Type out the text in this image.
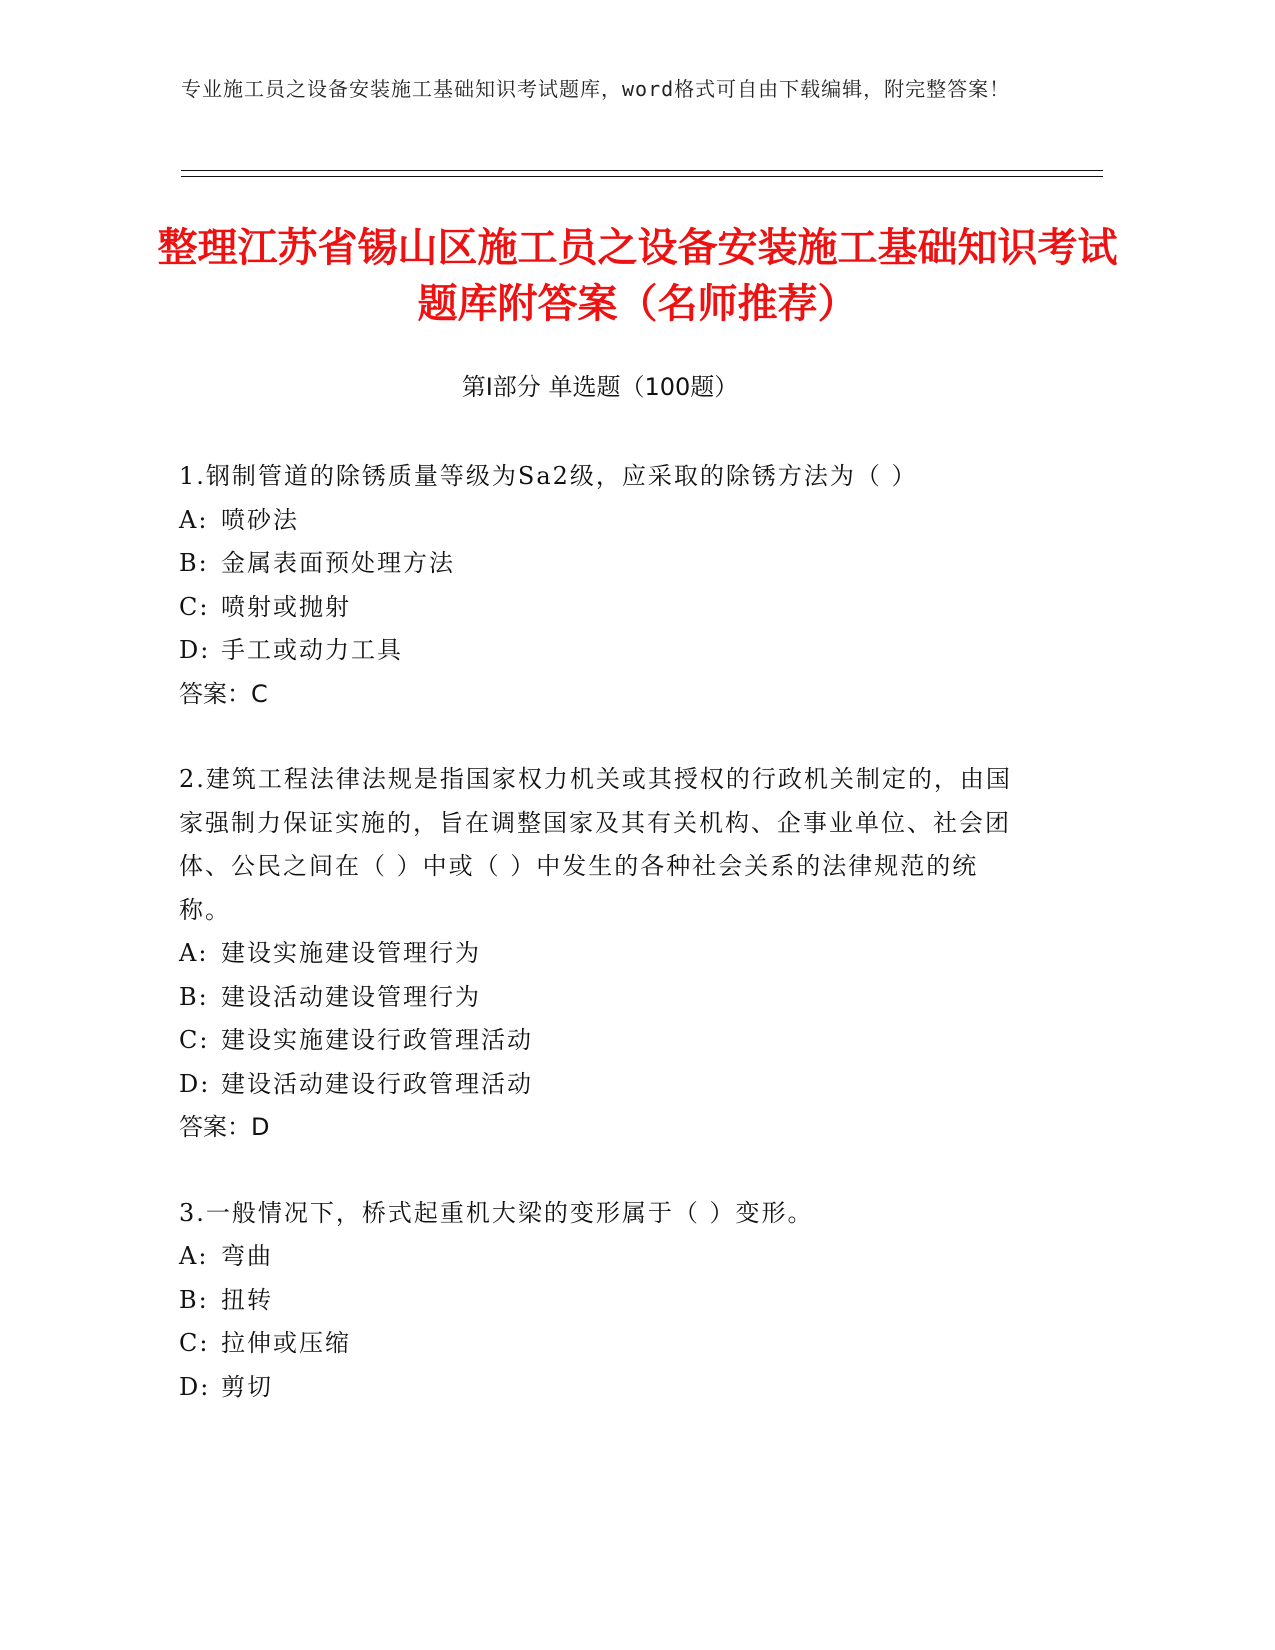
专业施工员之设备安装施工基础知识考试题库，word格式可自由下载编辑，附完整答案！
整理江苏省锡山区施工员之设备安装施工基础知识考试题库附答案（名师推荐）
第Ⅰ部分 单选题（100题）

1.钢制管道的除锈质量等级为Sa2级，应采取的除锈方法为（ ）

A: 喷砂法

B: 金属表面预处理方法

C: 喷射或抛射

D: 手工或动力工具

答案：C

2.建筑工程法律法规是指国家权力机关或其授权的行政机关制定的，由国家强制力保证实施的，旨在调整国家及其有关机构、企事业单位、社会团体、公民之间在（ ）中或（ ）中发生的各种社会关系的法律规范的统称。

A: 建设实施建设管理行为

B: 建设活动建设管理行为

C: 建设实施建设行政管理活动

D: 建设活动建设行政管理活动

答案：D

3.一般情况下，桥式起重机大梁的变形属于（ ）变形。

A: 弯曲

B: 扭转

C: 拉伸或压缩

D: 剪切
